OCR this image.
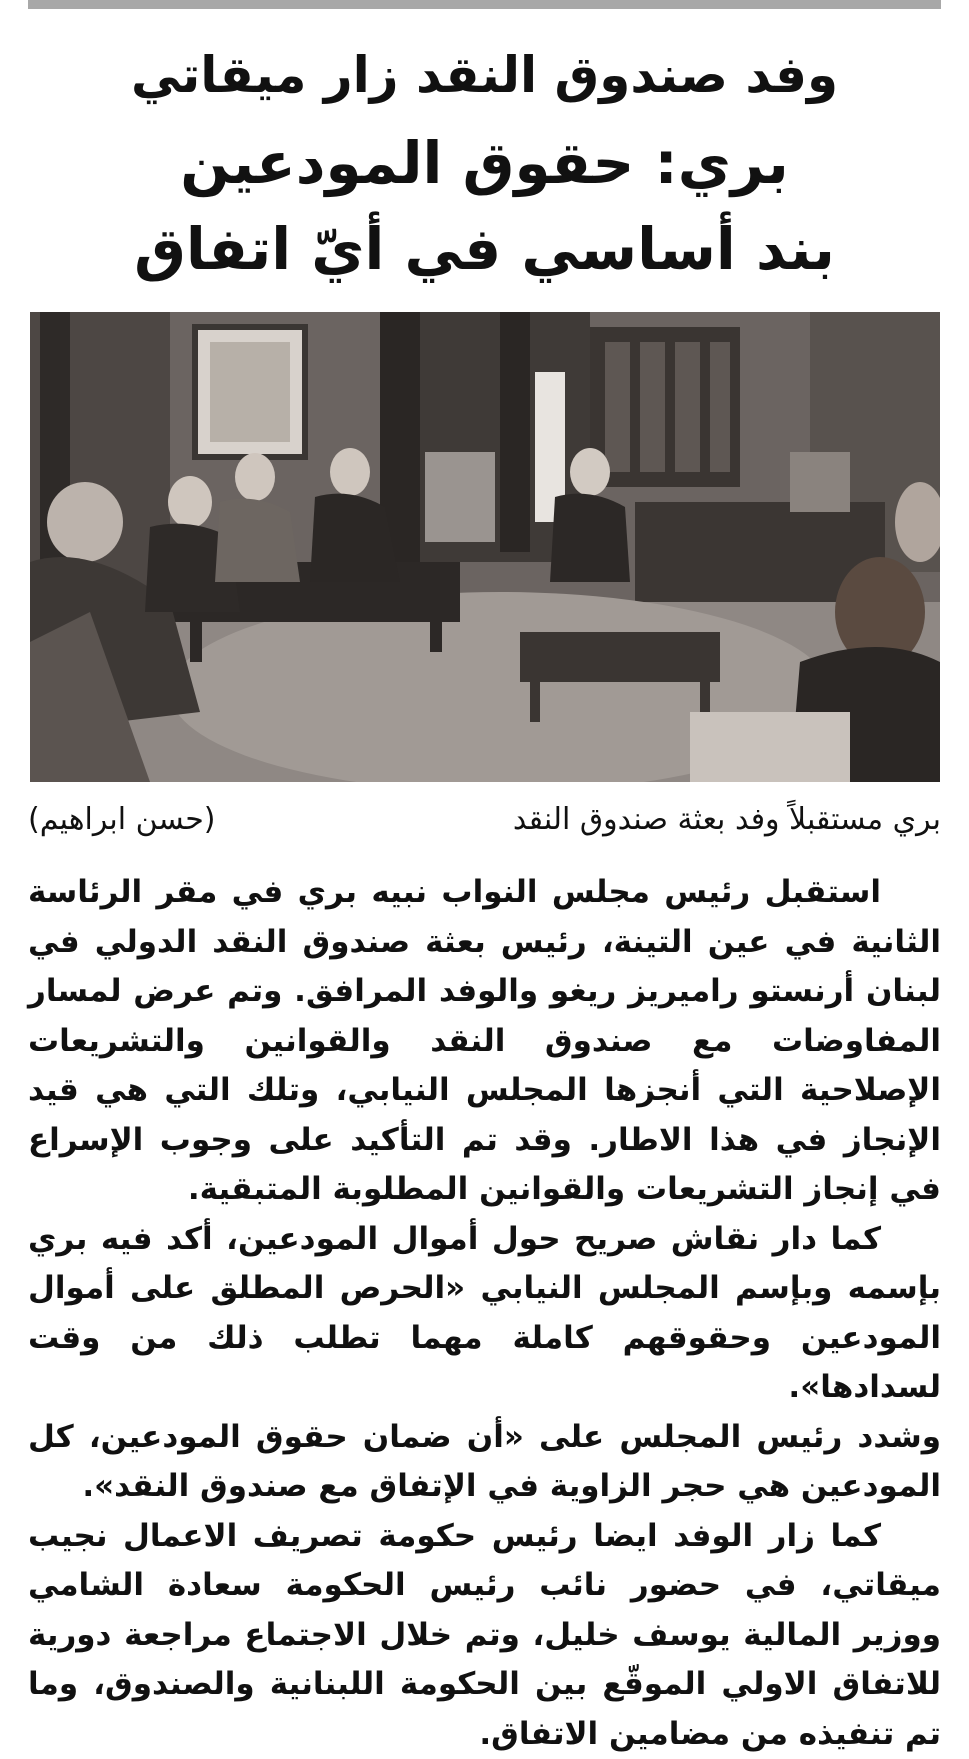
وفد صندوق النقد زار ميقاتي
بري: حقوق المودعين
بند أساسي في أيّ اتفاق
بري مستقبلاً وفد بعثة صندوق النقد
(حسن ابراهيم)

استقبل رئيس مجلس النواب نبيه بري في مقر الرئاسة الثانية في عين التينة، رئيس بعثة صندوق النقد الدولي في لبنان أرنستو راميريز ريغو والوفد المرافق. وتم عرض لمسار المفاوضات مع صندوق النقد والقوانين والتشريعات الإصلاحية التي أنجزها المجلس النيابي، وتلك التي هي قيد الإنجاز في هذا الاطار. وقد تم التأكيد على وجوب الإسراع في إنجاز التشريعات والقوانين المطلوبة المتبقية.

كما دار نقاش صريح حول أموال المودعين، أكد فيه بري بإسمه وبإسم المجلس النيابي «الحرص المطلق على أموال المودعين وحقوقهم كاملة مهما تطلب ذلك من وقت لسدادها».

وشدد رئيس المجلس على «أن ضمان حقوق المودعين، كل المودعين هي حجر الزاوية في الإتفاق مع صندوق النقد».

كما زار الوفد ايضا رئيس حكومة تصريف الاعمال نجيب ميقاتي، في حضور نائب رئيس الحكومة سعادة الشامي ووزير المالية يوسف خليل، وتم خلال الاجتماع مراجعة دورية للاتفاق الاولي الموقّع بين الحكومة اللبنانية والصندوق، وما تم تنفيذه من مضامين الاتفاق.
